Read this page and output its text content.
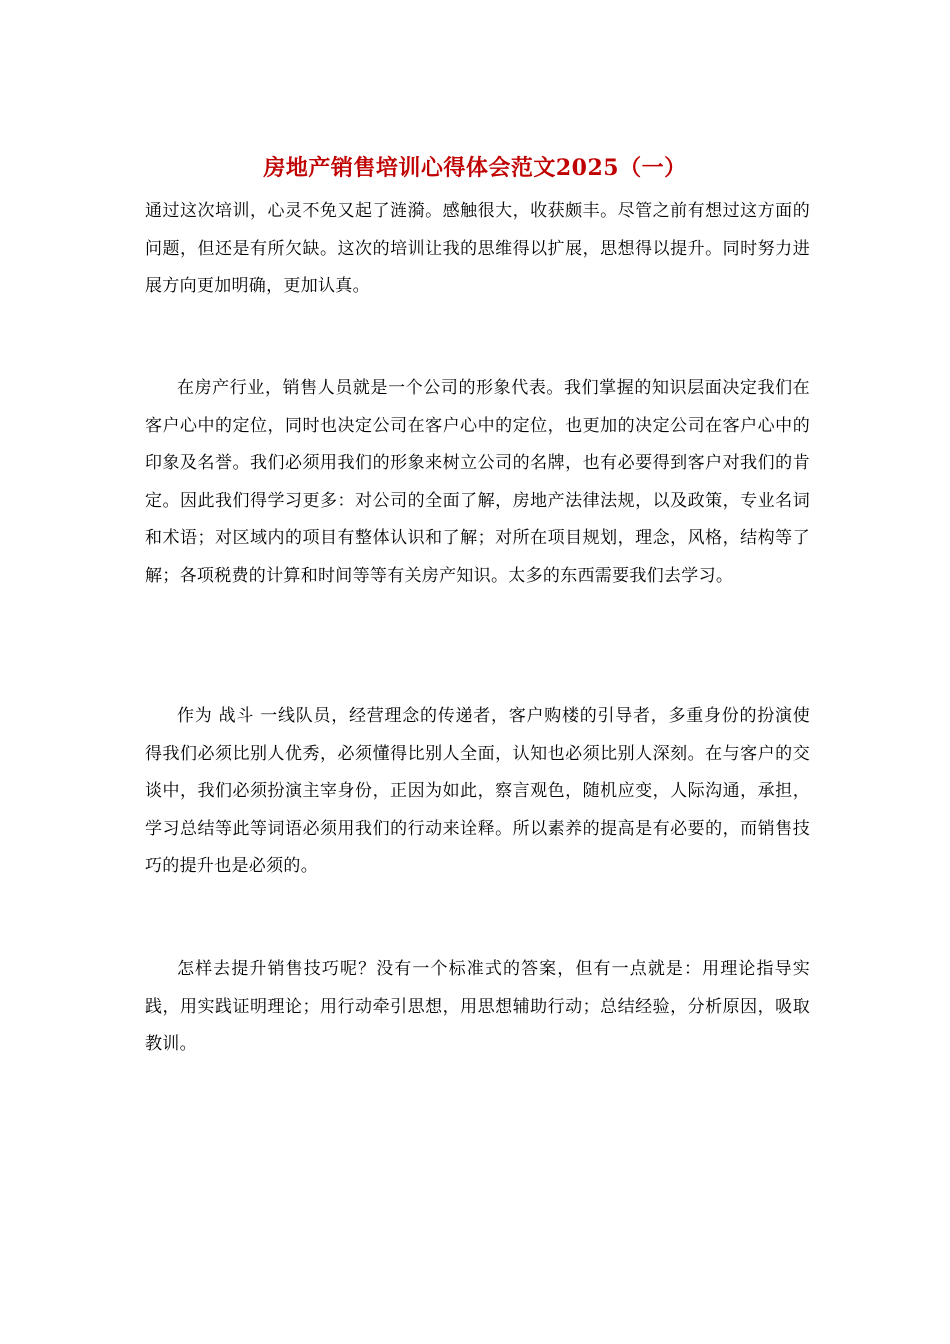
房地产销售培训心得体会范文2025（一）

通过这次培训，心灵不免又起了涟漪。感触很大，收获颇丰。尽管之前有想过这方面的问题，但还是有所欠缺。这次的培训让我的思维得以扩展，思想得以提升。同时努力进展方向更加明确，更加认真。

在房产行业，销售人员就是一个公司的形象代表。我们掌握的知识层面决定我们在客户心中的定位，同时也决定公司在客户心中的定位，也更加的决定公司在客户心中的印象及名誉。我们必须用我们的形象来树立公司的名牌，也有必要得到客户对我们的肯定。因此我们得学习更多：对公司的全面了解，房地产法律法规，以及政策，专业名词和术语；对区域内的项目有整体认识和了解；对所在项目规划，理念，风格，结构等了解；各项税费的计算和时间等等有关房产知识。太多的东西需要我们去学习。

作为 战斗 一线队员，经营理念的传递者，客户购楼的引导者，多重身份的扮演使得我们必须比别人优秀，必须懂得比别人全面，认知也必须比别人深刻。在与客户的交谈中，我们必须扮演主宰身份，正因为如此，察言观色，随机应变，人际沟通，承担，学习总结等此等词语必须用我们的行动来诠释。所以素养的提高是有必要的，而销售技巧的提升也是必须的。

怎样去提升销售技巧呢？没有一个标准式的答案，但有一点就是：用理论指导实践，用实践证明理论；用行动牵引思想，用思想辅助行动；总结经验，分析原因，吸取教训。
